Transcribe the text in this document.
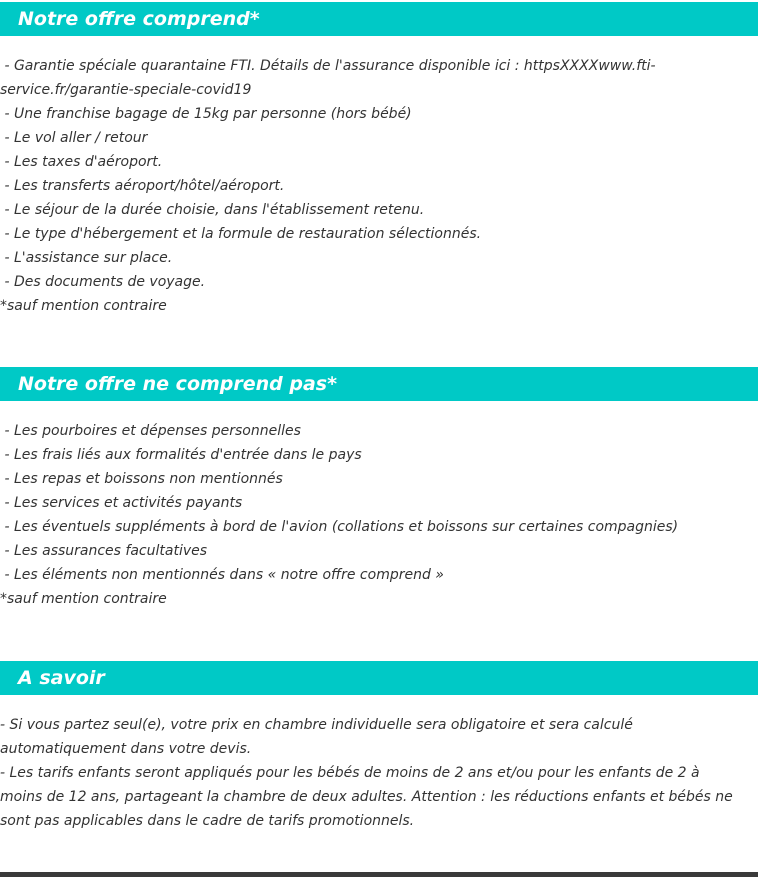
Notre offre comprend*
- Garantie spéciale quarantaine FTI. Détails de l'assurance disponible ici : httpsXXXXwww.fti-service.fr/garantie-speciale-covid19
- Une franchise bagage de 15kg par personne (hors bébé)
- Le vol aller / retour
- Les taxes d'aéroport.
- Les transferts aéroport/hôtel/aéroport.
- Le séjour de la durée choisie, dans l'établissement retenu.
- Le type d'hébergement et la formule de restauration sélectionnés.
- L'assistance sur place.
- Des documents de voyage.
*sauf mention contraire
Notre offre ne comprend pas*
- Les pourboires et dépenses personnelles
- Les frais liés aux formalités d'entrée dans le pays
- Les repas et boissons non mentionnés
- Les services et activités payants
- Les éventuels suppléments à bord de l'avion (collations et boissons sur certaines compagnies)
- Les assurances facultatives
- Les éléments non mentionnés dans « notre offre comprend »
*sauf mention contraire
A savoir

- Si vous partez seul(e), votre prix en chambre individuelle sera obligatoire et sera calculé automatiquement dans votre devis.

- Les tarifs enfants seront appliqués pour les bébés de moins de 2 ans et/ou pour les enfants de 2 à moins de 12 ans, partageant la chambre de deux adultes. Attention : les réductions enfants et bébés ne sont pas applicables dans le cadre de tarifs promotionnels.
